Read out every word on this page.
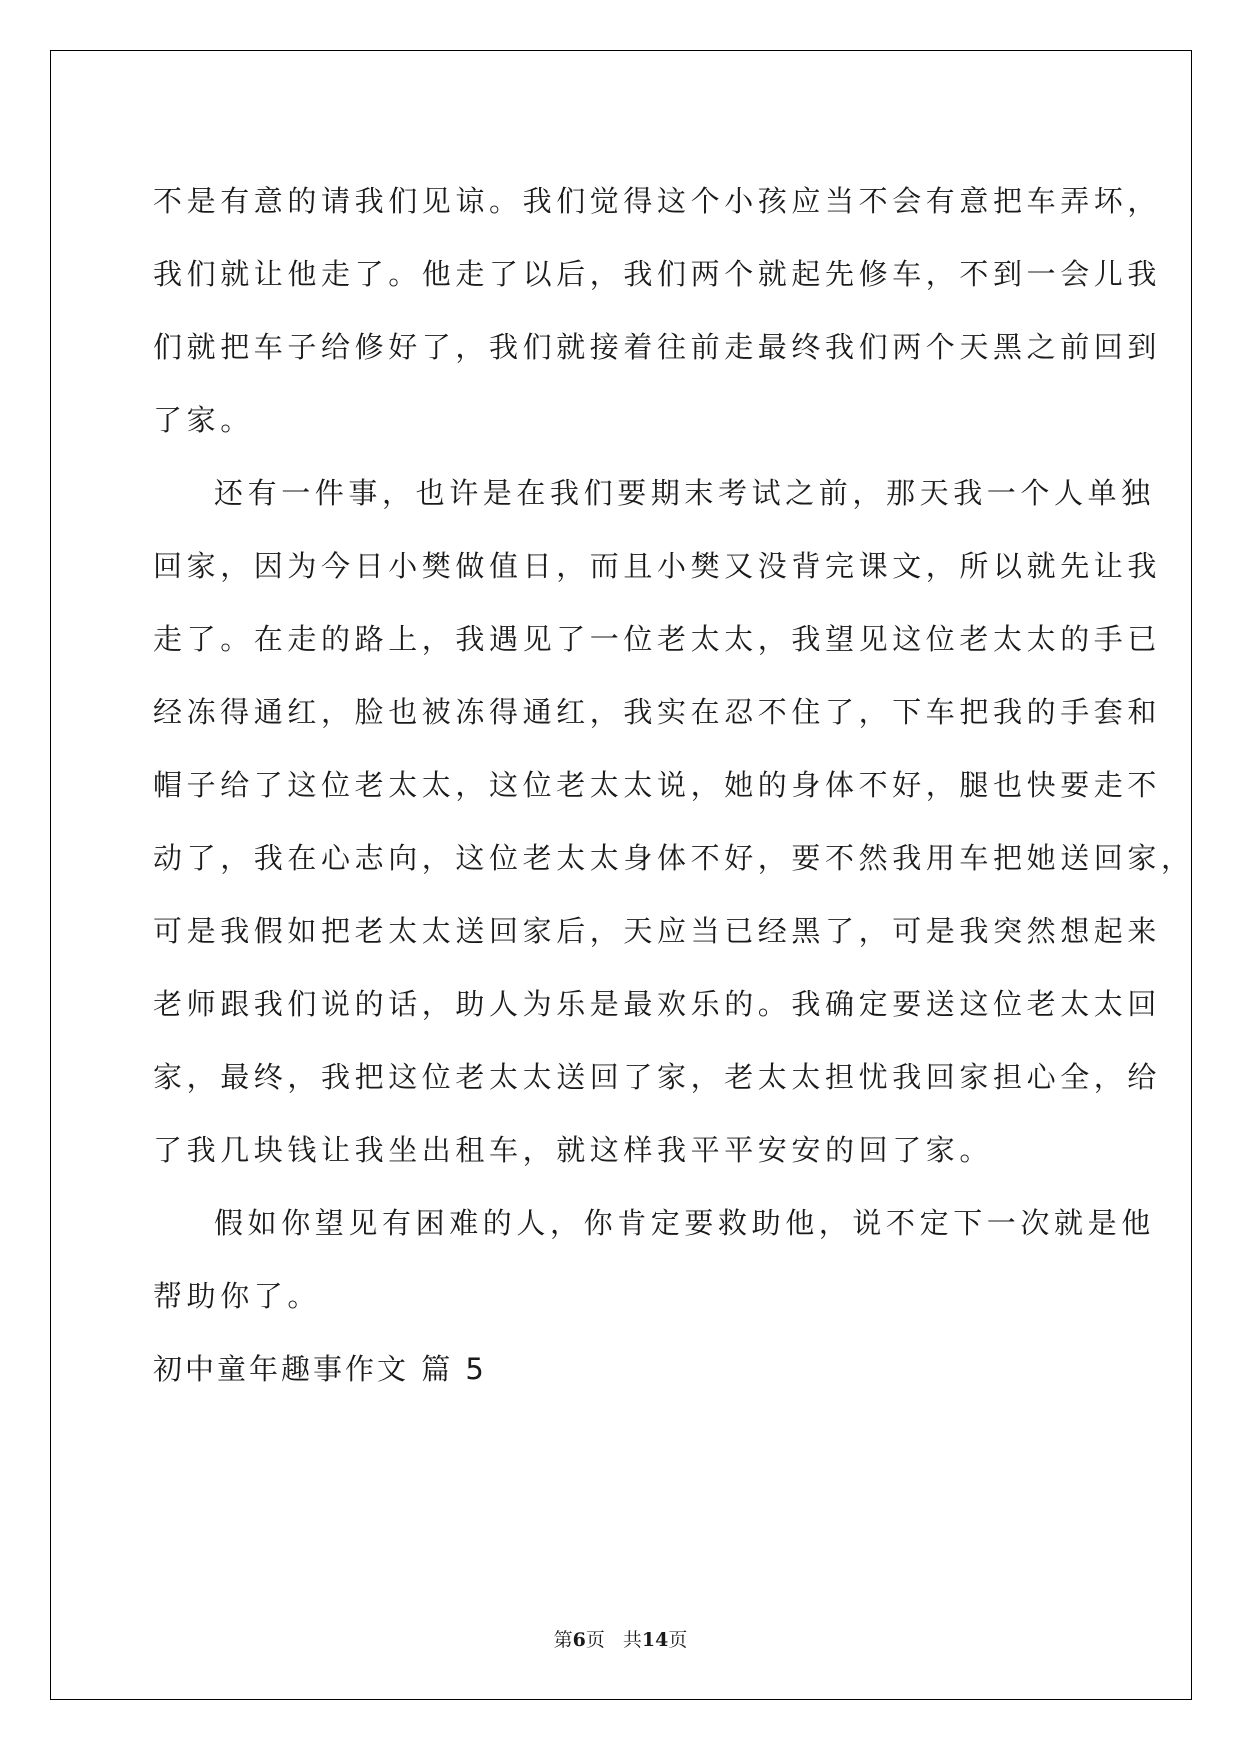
不是有意的请我们见谅。我们觉得这个小孩应当不会有意把车弄坏，

我们就让他走了。他走了以后，我们两个就起先修车，不到一会儿我

们就把车子给修好了，我们就接着往前走最终我们两个天黑之前回到

了家。

还有一件事，也许是在我们要期末考试之前，那天我一个人单独

回家，因为今日小樊做值日，而且小樊又没背完课文，所以就先让我

走了。在走的路上，我遇见了一位老太太，我望见这位老太太的手已

经冻得通红，脸也被冻得通红，我实在忍不住了，下车把我的手套和

帽子给了这位老太太，这位老太太说，她的身体不好，腿也快要走不

动了，我在心志向，这位老太太身体不好，要不然我用车把她送回家，

可是我假如把老太太送回家后，天应当已经黑了，可是我突然想起来

老师跟我们说的话，助人为乐是最欢乐的。我确定要送这位老太太回

家，最终，我把这位老太太送回了家，老太太担忧我回家担心全，给

了我几块钱让我坐出租车，就这样我平平安安的回了家。

假如你望见有困难的人，你肯定要救助他，说不定下一次就是他

帮助你了。

初中童年趣事作文 篇 5

第6页 共14页
